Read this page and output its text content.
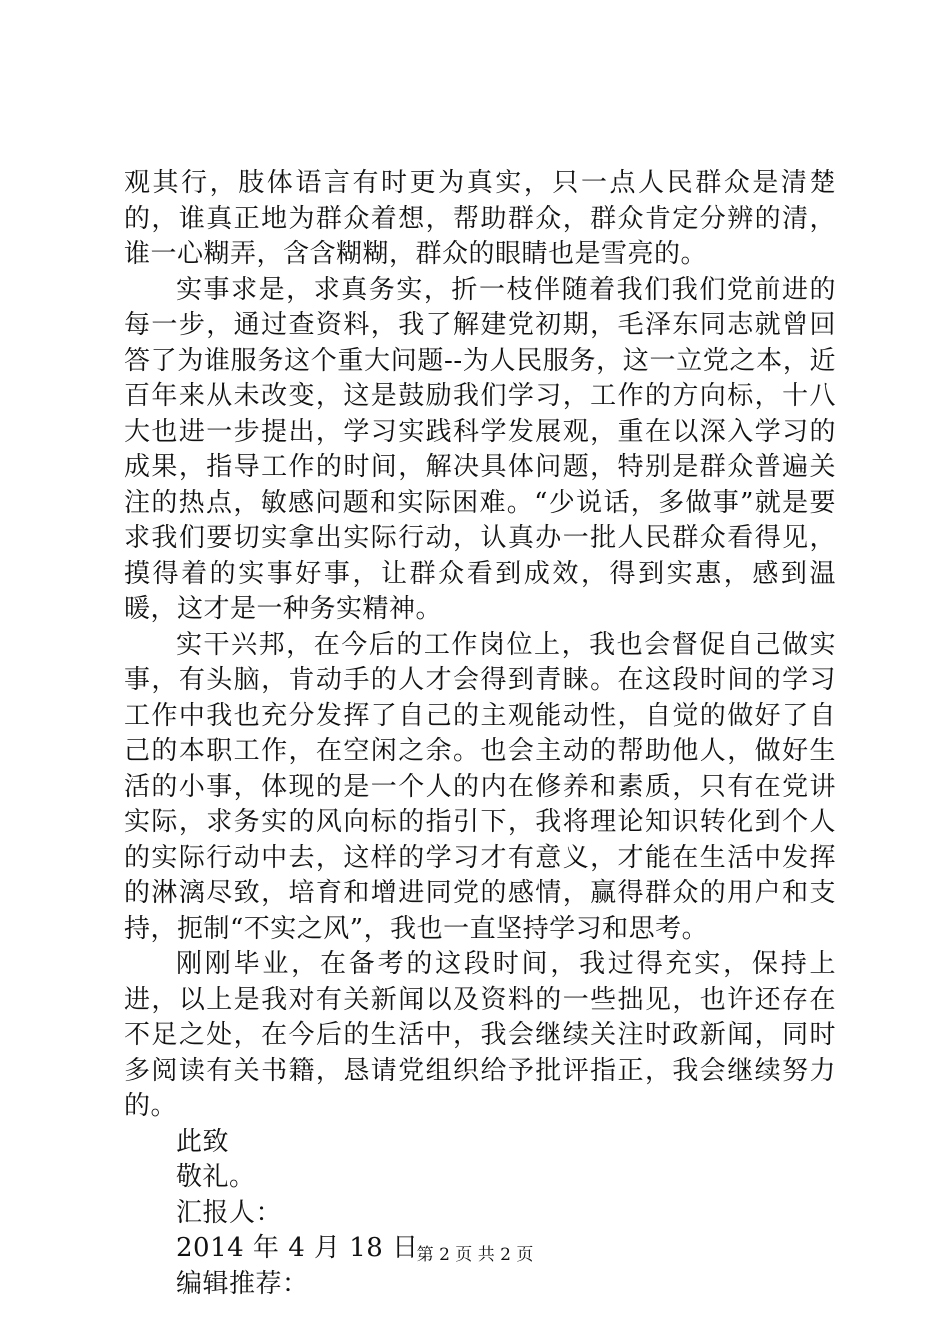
观其行，肢体语言有时更为真实，只一点人民群众是清楚的，谁真正地为群众着想，帮助群众，群众肯定分辨的清，谁一心糊弄，含含糊糊，群众的眼睛也是雪亮的。

实事求是，求真务实，折一枝伴随着我们我们党前进的每一步，通过查资料，我了解建党初期，毛泽东同志就曾回答了为谁服务这个重大问题--为人民服务，这一立党之本，近百年来从未改变，这是鼓励我们学习，工作的方向标，十八大也进一步提出，学习实践科学发展观，重在以深入学习的成果，指导工作的时间，解决具体问题，特别是群众普遍关注的热点，敏感问题和实际困难。“少说话，多做事”就是要求我们要切实拿出实际行动，认真办一批人民群众看得见，摸得着的实事好事，让群众看到成效，得到实惠，感到温暖，这才是一种务实精神。

实干兴邦，在今后的工作岗位上，我也会督促自己做实事，有头脑，肯动手的人才会得到青睐。在这段时间的学习工作中我也充分发挥了自己的主观能动性，自觉的做好了自己的本职工作，在空闲之余。也会主动的帮助他人，做好生活的小事，体现的是一个人的内在修养和素质，只有在党讲实际，求务实的风向标的指引下，我将理论知识转化到个人的实际行动中去，这样的学习才有意义，才能在生活中发挥的淋漓尽致，培育和增进同党的感情，赢得群众的用户和支持，扼制“不实之风”，我也一直坚持学习和思考。

刚刚毕业，在备考的这段时间，我过得充实，保持上进，以上是我对有关新闻以及资料的一些拙见，也许还存在不足之处，在今后的生活中，我会继续关注时政新闻，同时多阅读有关书籍，恳请党组织给予批评指正，我会继续努力的。

此致

敬礼。

汇报人：

2014 年 4 月 18 日

编辑推荐：

第 2 页 共 2 页
